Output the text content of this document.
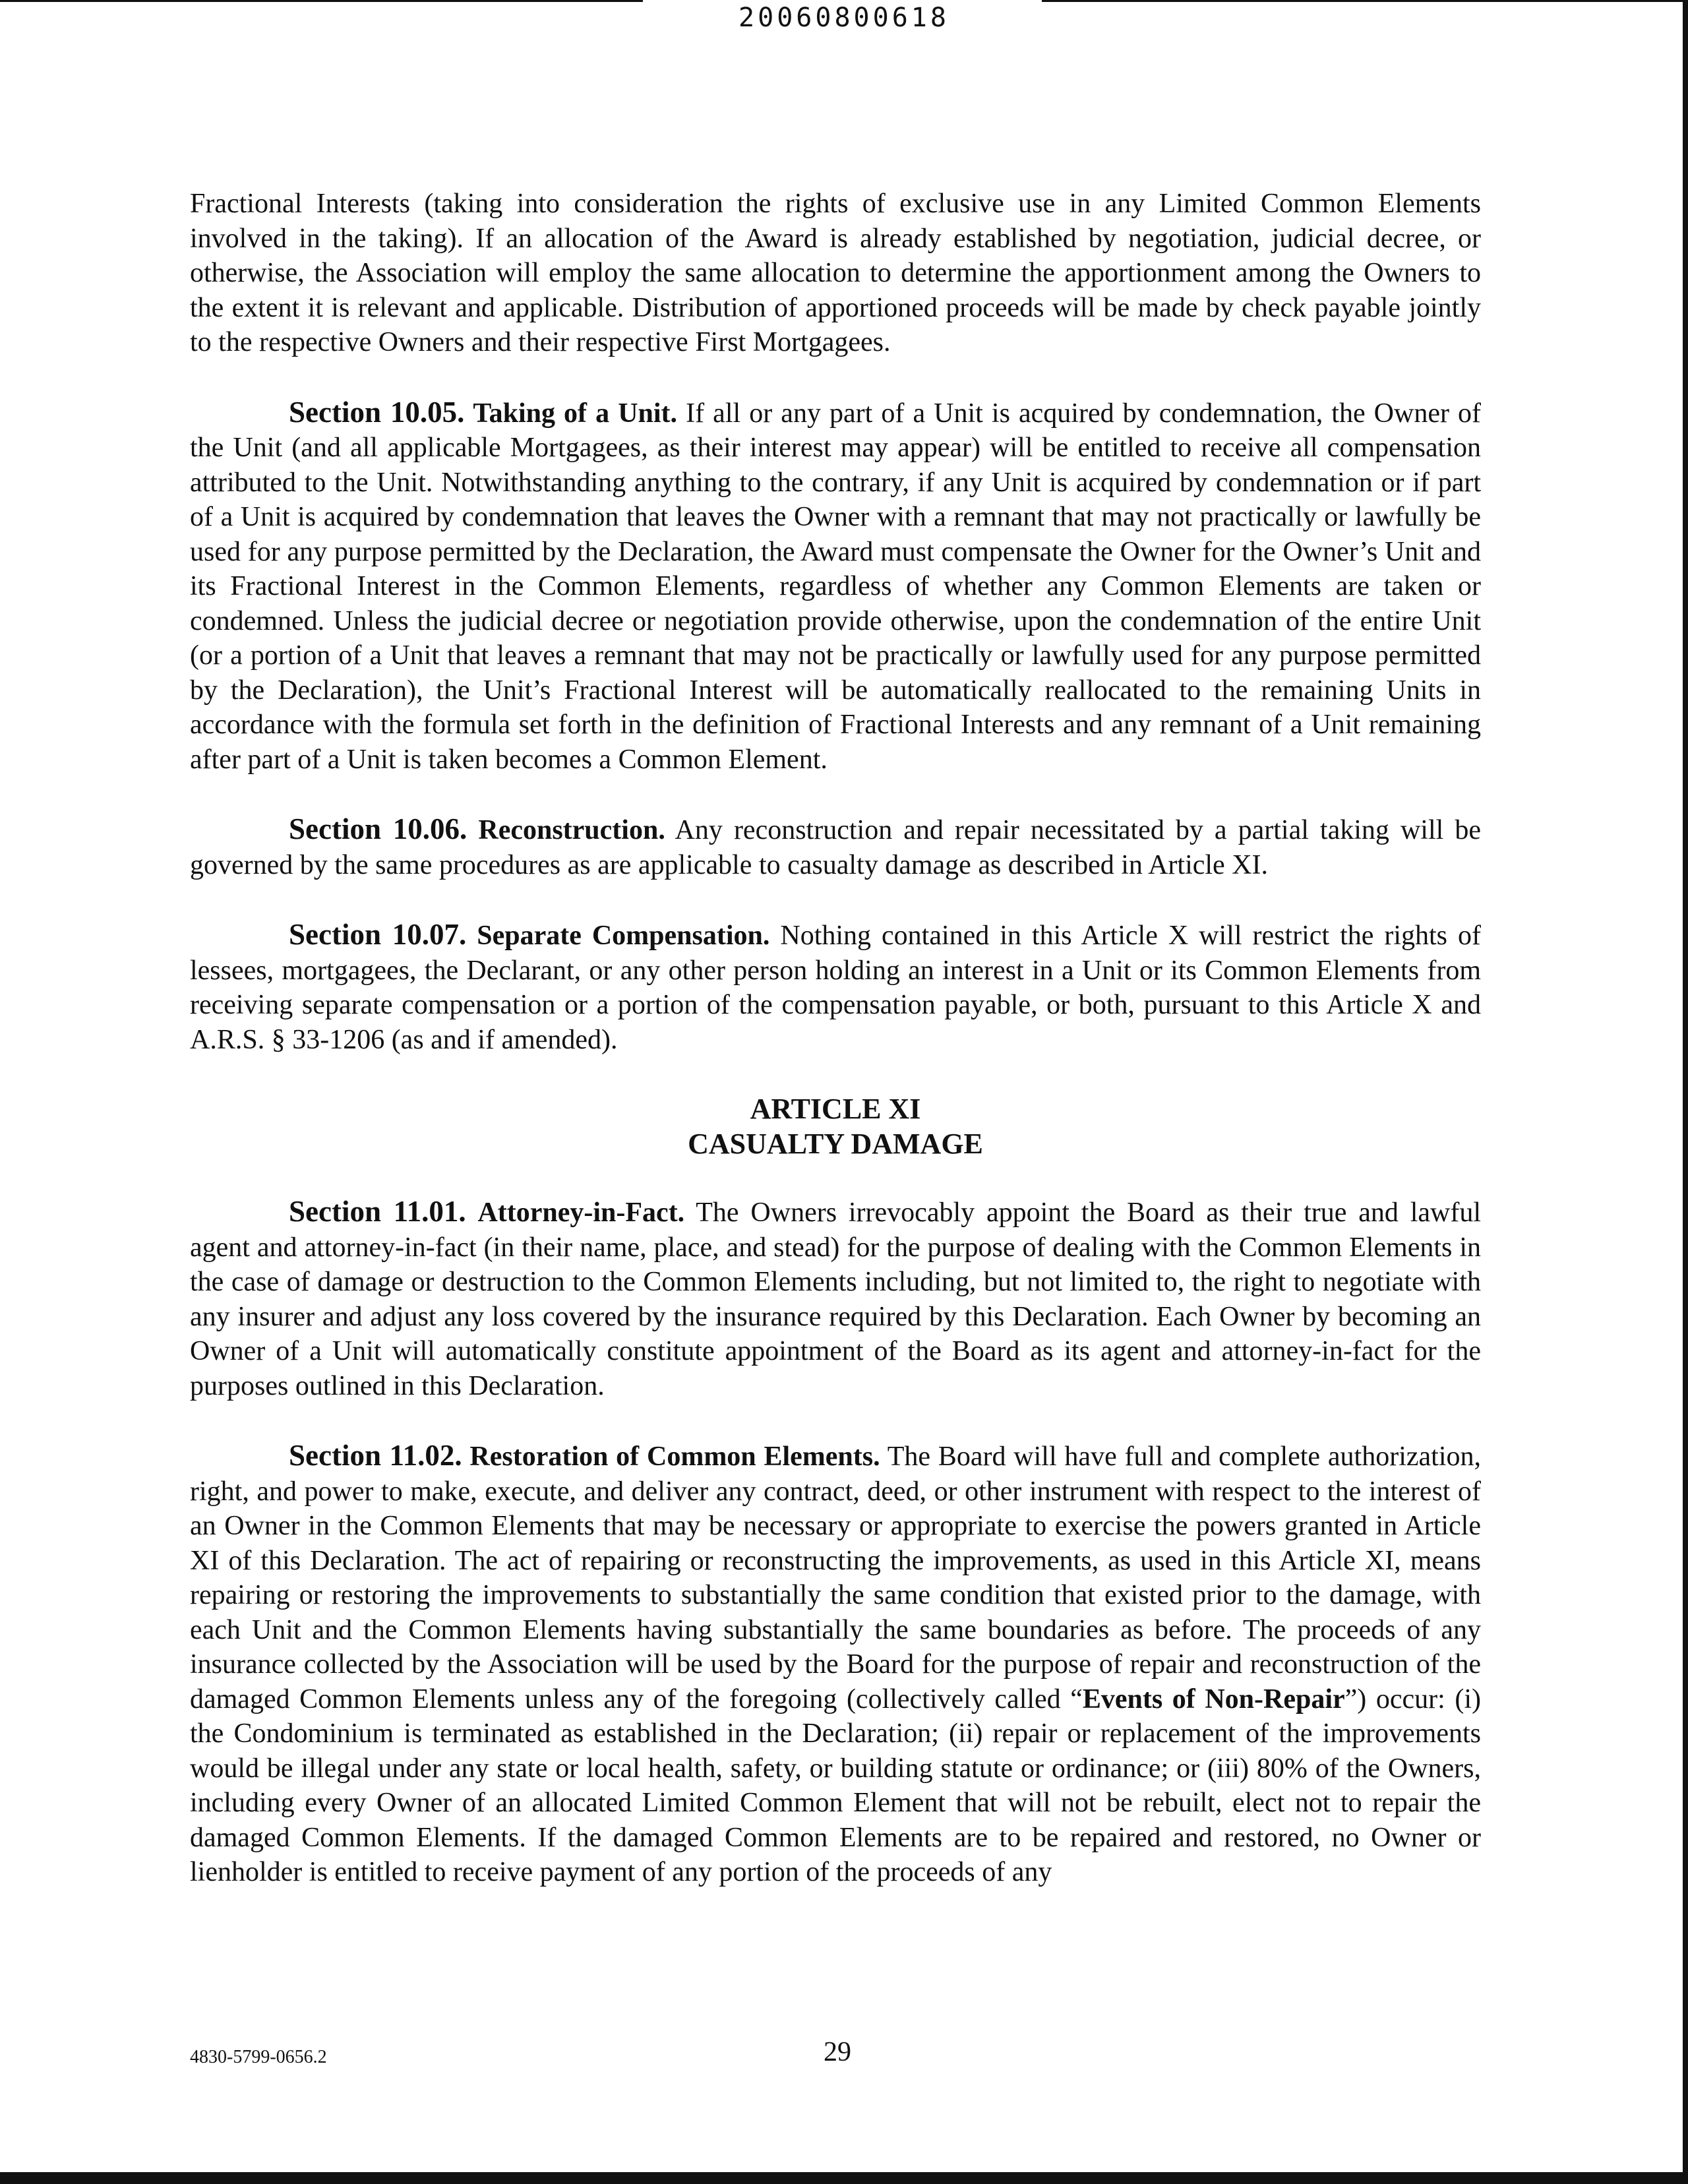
20060800618

Fractional Interests (taking into consideration the rights of exclusive use in any Limited Common Elements involved in the taking). If an allocation of the Award is already established by negotiation, judicial decree, or otherwise, the Association will employ the same allocation to determine the apportionment among the Owners to the extent it is relevant and applicable. Distribution of apportioned proceeds will be made by check payable jointly to the respective Owners and their respective First Mortgagees.

Section 10.05. Taking of a Unit. If all or any part of a Unit is acquired by condemnation, the Owner of the Unit (and all applicable Mortgagees, as their interest may appear) will be entitled to receive all compensation attributed to the Unit. Notwithstanding anything to the contrary, if any Unit is acquired by condemnation or if part of a Unit is acquired by condemnation that leaves the Owner with a remnant that may not practically or lawfully be used for any purpose permitted by the Declaration, the Award must compensate the Owner for the Owner’s Unit and its Fractional Interest in the Common Elements, regardless of whether any Common Elements are taken or condemned. Unless the judicial decree or negotiation provide otherwise, upon the condemnation of the entire Unit (or a portion of a Unit that leaves a remnant that may not be practically or lawfully used for any purpose permitted by the Declaration), the Unit’s Fractional Interest will be automatically reallocated to the remaining Units in accordance with the formula set forth in the definition of Fractional Interests and any remnant of a Unit remaining after part of a Unit is taken becomes a Common Element.

Section 10.06. Reconstruction. Any reconstruction and repair necessitated by a partial taking will be governed by the same procedures as are applicable to casualty damage as described in Article XI.

Section 10.07. Separate Compensation. Nothing contained in this Article X will restrict the rights of lessees, mortgagees, the Declarant, or any other person holding an interest in a Unit or its Common Elements from receiving separate compensation or a portion of the compensation payable, or both, pursuant to this Article X and A.R.S. § 33-1206 (as and if amended).

ARTICLE XI
CASUALTY DAMAGE

Section 11.01. Attorney-in-Fact. The Owners irrevocably appoint the Board as their true and lawful agent and attorney-in-fact (in their name, place, and stead) for the purpose of dealing with the Common Elements in the case of damage or destruction to the Common Elements including, but not limited to, the right to negotiate with any insurer and adjust any loss covered by the insurance required by this Declaration. Each Owner by becoming an Owner of a Unit will automatically constitute appointment of the Board as its agent and attorney-in-fact for the purposes outlined in this Declaration.

Section 11.02. Restoration of Common Elements. The Board will have full and complete authorization, right, and power to make, execute, and deliver any contract, deed, or other instrument with respect to the interest of an Owner in the Common Elements that may be necessary or appropriate to exercise the powers granted in Article XI of this Declaration. The act of repairing or reconstructing the improvements, as used in this Article XI, means repairing or restoring the improvements to substantially the same condition that existed prior to the damage, with each Unit and the Common Elements having substantially the same boundaries as before. The proceeds of any insurance collected by the Association will be used by the Board for the purpose of repair and reconstruction of the damaged Common Elements unless any of the foregoing (collectively called “Events of Non-Repair”) occur: (i) the Condominium is terminated as established in the Declaration; (ii) repair or replacement of the improvements would be illegal under any state or local health, safety, or building statute or ordinance; or (iii) 80% of the Owners, including every Owner of an allocated Limited Common Element that will not be rebuilt, elect not to repair the damaged Common Elements. If the damaged Common Elements are to be repaired and restored, no Owner or lienholder is entitled to receive payment of any portion of the proceeds of any

4830-5799-0656.2	29
